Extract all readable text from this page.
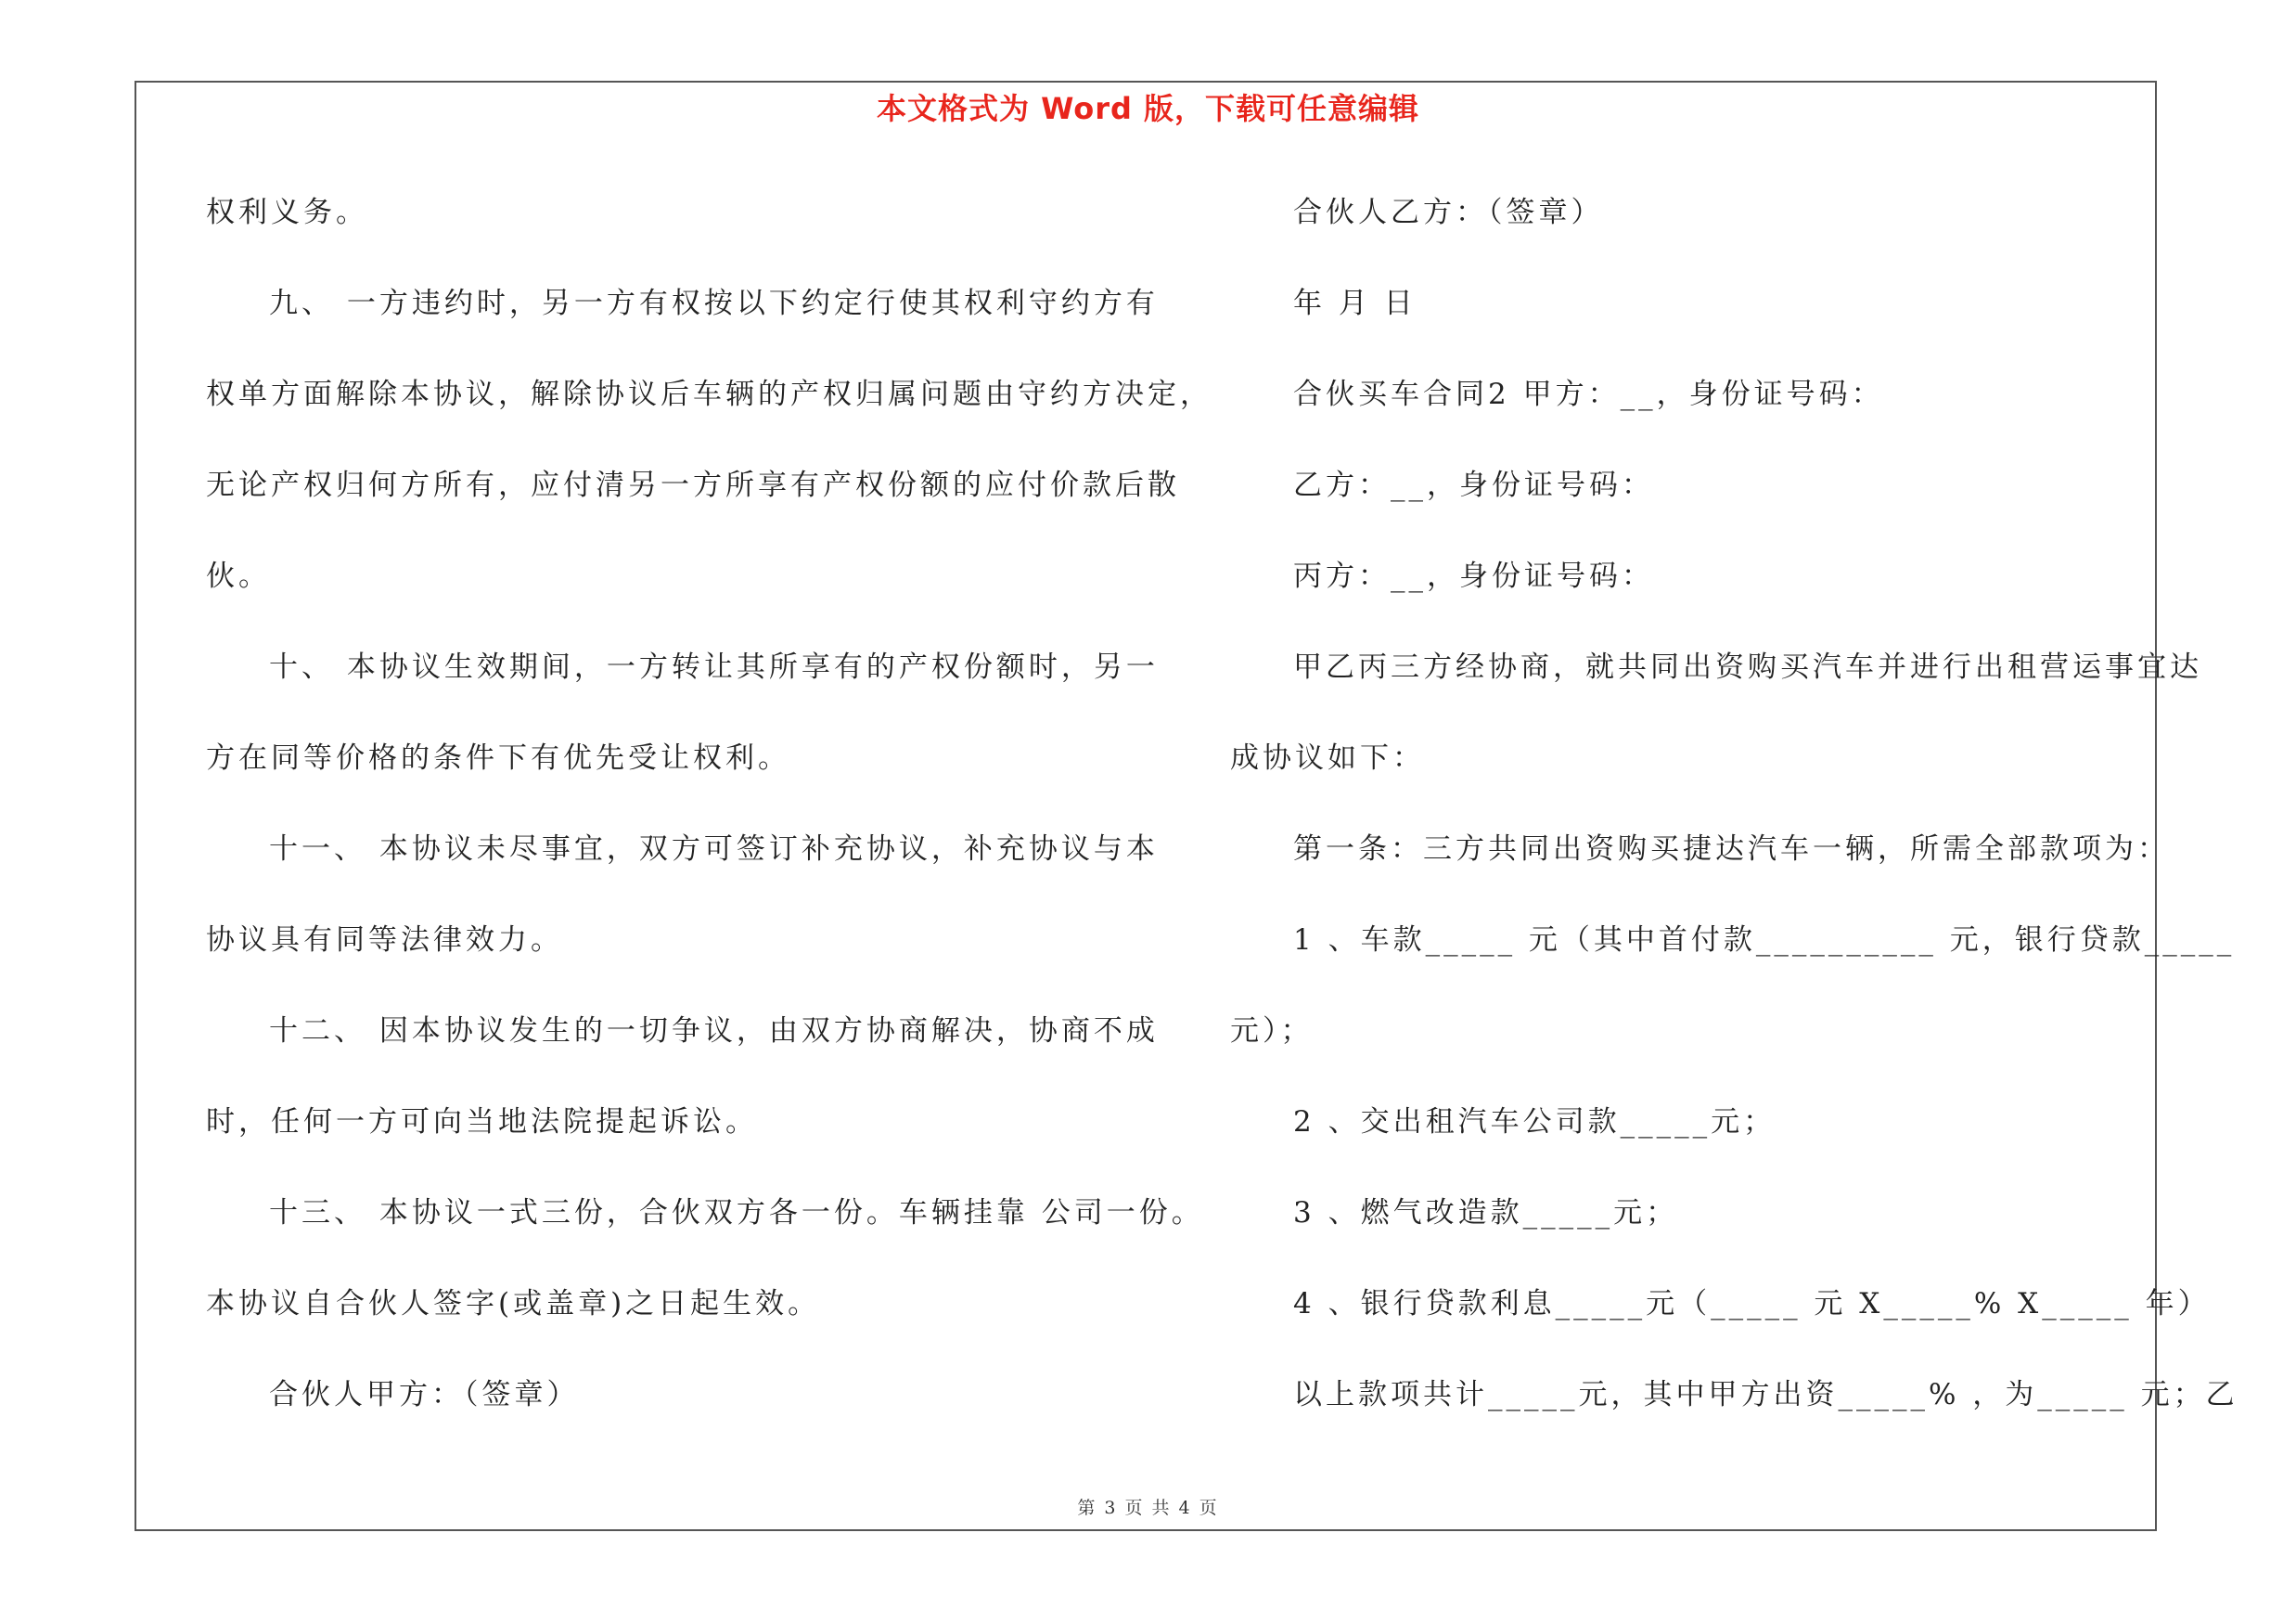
本文格式为 Word 版，下载可任意编辑
权利义务。
九、 一方违约时，另一方有权按以下约定行使其权利守约方有
权单方面解除本协议，解除协议后车辆的产权归属问题由守约方决定，
无论产权归何方所有，应付清另一方所享有产权份额的应付价款后散
伙。
十、 本协议生效期间，一方转让其所享有的产权份额时，另一
方在同等价格的条件下有优先受让权利。
十一、 本协议未尽事宜，双方可签订补充协议，补充协议与本
协议具有同等法律效力。
十二、 因本协议发生的一切争议，由双方协商解决，协商不成
时，任何一方可向当地法院提起诉讼。
十三、 本协议一式三份，合伙双方各一份。车辆挂靠 公司一份。
本协议自合伙人签字(或盖章)之日起生效。
合伙人甲方：（签章）
合伙人乙方：（签章）
年 月 日
合伙买车合同2 甲方：__，身份证号码：
乙方：__，身份证号码：
丙方：__，身份证号码：
甲乙丙三方经协商，就共同出资购买汽车并进行出租营运事宜达
成协议如下：
第一条：三方共同出资购买捷达汽车一辆，所需全部款项为：
1 、车款_____ 元（其中首付款__________ 元，银行贷款_____
元）；
2 、交出租汽车公司款_____元；
3 、燃气改造款_____元；
4 、银行贷款利息_____元（_____ 元 X_____% X_____ 年）
以上款项共计_____元，其中甲方出资_____% ，为_____ 元；乙
第 3 页 共 4 页
